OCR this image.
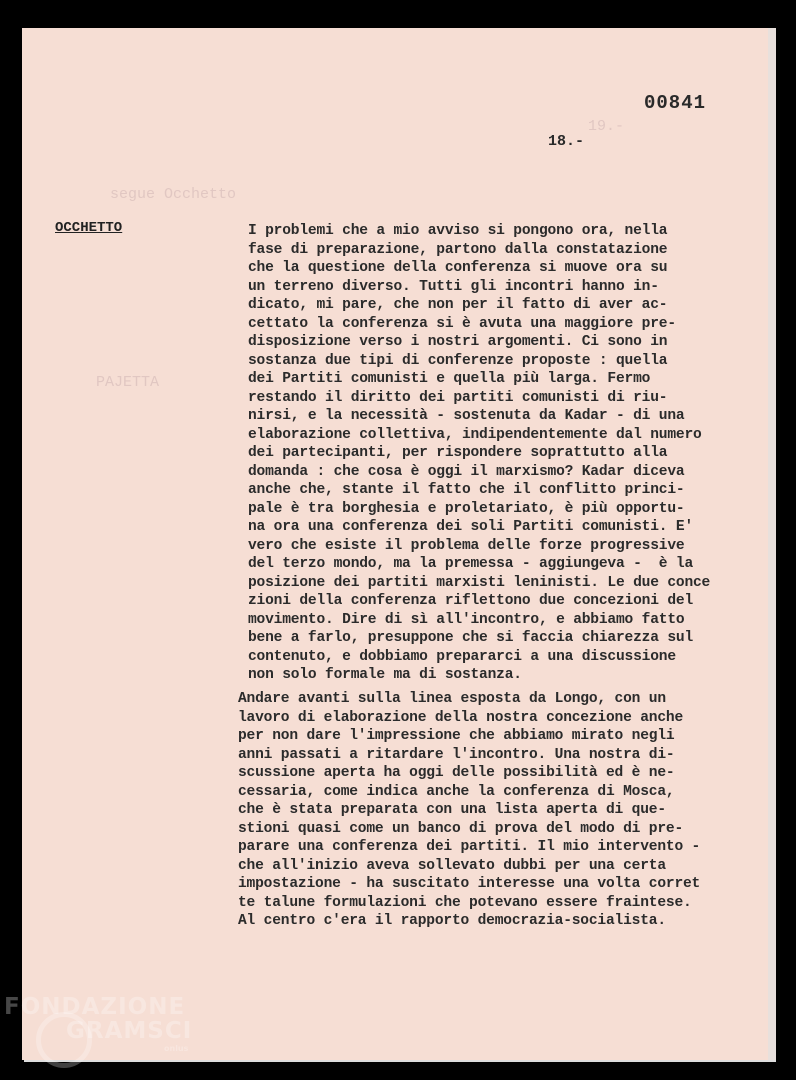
19.-
segue Occhetto
PAJETTA
00841
18.-
OCCHETTO	I problemi che a mio avviso si pongono ora, nella
fase di preparazione, partono dalla constatazione
che la questione della conferenza si muove ora su
un terreno diverso. Tutti gli incontri hanno in-
dicato, mi pare, che non per il fatto di aver ac-
cettato la conferenza si è avuta una maggiore pre-
disposizione verso i nostri argomenti. Ci sono in
sostanza due tipi di conferenze proposte : quella
dei Partiti comunisti e quella più larga. Fermo
restando il diritto dei partiti comunisti di riu-
nirsi, e la necessità - sostenuta da Kadar - di una
elaborazione collettiva, indipendentemente dal numero
dei partecipanti, per rispondere soprattutto alla
domanda : che cosa è oggi il marxismo? Kadar diceva
anche che, stante il fatto che il conflitto princi-
pale è tra borghesia e proletariato, è più opportu-
na ora una conferenza dei soli Partiti comunisti. E'
vero che esiste il problema delle forze progressive
del terzo mondo, ma la premessa - aggiungeva -  è la
posizione dei partiti marxisti leninisti. Le due conce
zioni della conferenza riflettono due concezioni del
movimento. Dire di sì all'incontro, e abbiamo fatto
bene a farlo, presuppone che si faccia chiarezza sul
contenuto, e dobbiamo prepararci a una discussione
non solo formale ma di sostanza.
Andare avanti sulla linea esposta da Longo, con un
lavoro di elaborazione della nostra concezione anche
per non dare l'impressione che abbiamo mirato negli
anni passati a ritardare l'incontro. Una nostra di-
scussione aperta ha oggi delle possibilità ed è ne-
cessaria, come indica anche la conferenza di Mosca,
che è stata preparata con una lista aperta di que-
stioni quasi come un banco di prova del modo di pre-
parare una conferenza dei partiti. Il mio intervento -
che all'inizio aveva sollevato dubbi per una certa
impostazione - ha suscitato interesse una volta corret
te talune formulazioni che potevano essere fraintese.
Al centro c'era il rapporto democrazia-socialista.
FONDAZIONE
GRAMSCI
onlus
